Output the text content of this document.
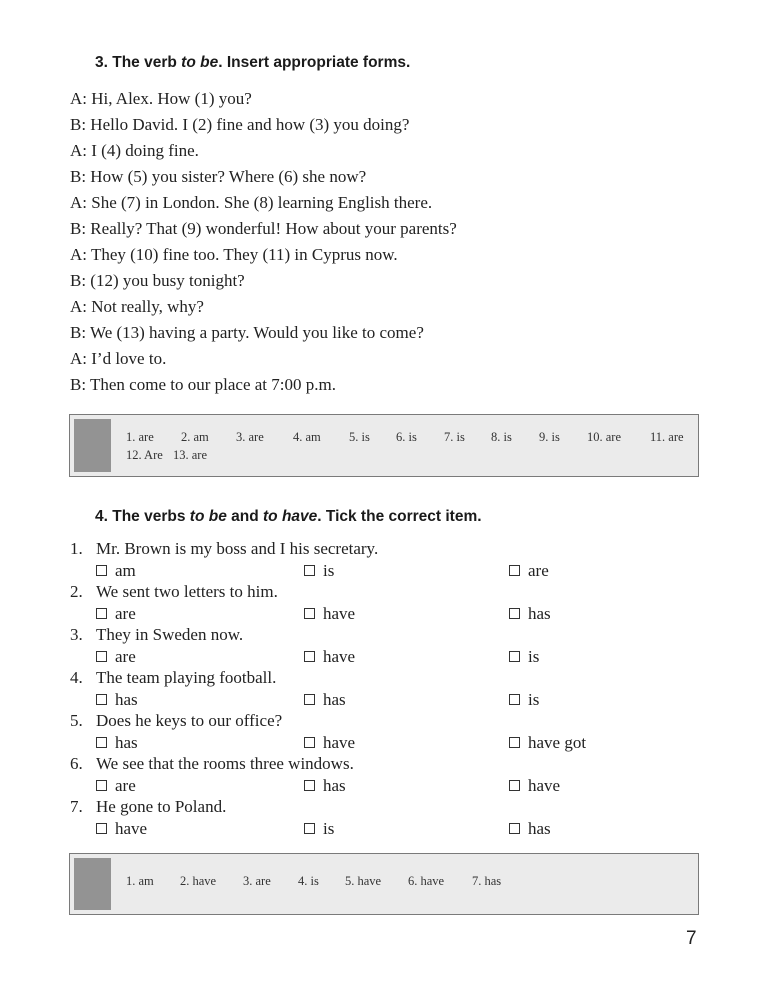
3. The verb to be. Insert appropriate forms.
A: Hi, Alex. How (1) you?
B: Hello David. I (2) fine and how (3) you doing?
A: I (4) doing fine.
B: How (5) you sister? Where (6) she now?
A: She (7) in London. She (8) learning English there.
B: Really? That (9) wonderful! How about your parents?
A: They (10) fine too. They (11) in Cyprus now.
B: (12) you busy tonight?
A: Not really, why?
B: We (13) having a party. Would you like to come?
A: I’d love to.
B: Then come to our place at 7:00 p.m.
1. are 2. am 3. are 4. am 5. is 6. is 7. is 8. is 9. is 10. are 11. are
12. Are 13. are
4. The verbs to be and to have. Tick the correct item.
1. Mr. Brown is my boss and I his secretary.
am	is	are
2. We sent two letters to him.
are	have	has
3. They in Sweden now.
are	have	is
4. The team playing football.
has	has	is
5. Does he keys to our office?
has	have	have got
6. We see that the rooms three windows.
are	has	have
7. He gone to Poland.
have	is	has
1. am 2. have 3. are 4. is 5. have 6. have 7. has
7
